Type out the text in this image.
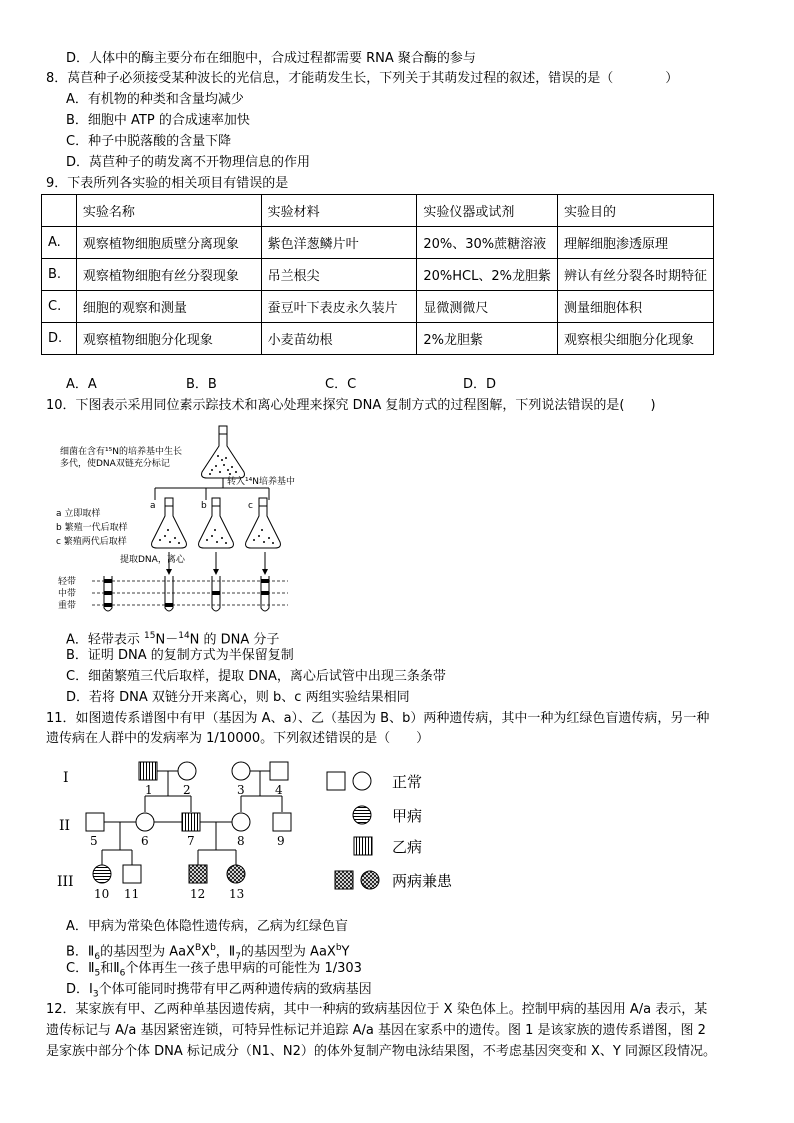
D．人体中的酶主要分布在细胞中，合成过程都需要 RNA 聚合酶的参与
8．莴苣种子必须接受某种波长的光信息，才能萌发生长，下列关于其萌发过程的叙述，错误的是（　　　　）
A．有机物的种类和含量均减少
B．细胞中 ATP 的合成速率加快
C．种子中脱落酸的含量下降
D．莴苣种子的萌发离不开物理信息的作用
9．下表所列各实验的相关项目有错误的是
	实验名称	实验材料	实验仪器或试剂	实验目的
A.	观察植物细胞质壁分离现象	紫色洋葱鳞片叶	20%、30%蔗糖溶液	理解细胞渗透原理
B.	观察植物细胞有丝分裂现象	吊兰根尖	20%HCL、2%龙胆紫	辨认有丝分裂各时期特征
C.	细胞的观察和测量	蚕豆叶下表皮永久装片	显微测微尺	测量细胞体积
D.	观察植物细胞分化现象	小麦苗幼根	2%龙胆紫	观察根尖细胞分化现象
A．A	B．B	C．C	D．D
10．下图表示采用同位素示踪技术和离心处理来探究 DNA 复制方式的过程图解，下列说法错误的是(　　)
细菌在含有¹⁵N的培养基中生长
多代，使DNA双链充分标记
转入¹⁴N培养基中
a	b	c
a 立即取样
b 繁殖一代后取样
c 繁殖两代后取样
提取DNA，离心
轻带
中带
重带
A．轻带表示 $^{15}$N－$^{14}$N 的 DNA 分子
B．证明 DNA 的复制方式为半保留复制
C．细菌繁殖三代后取样，提取 DNA，离心后试管中出现三条条带
D．若将 DNA 双链分开来离心，则 b、c 两组实验结果相同
11．如图遗传系谱图中有甲（基因为 A、a）、乙（基因为 B、b）两种遗传病，其中一种为红绿色盲遗传病，另一种
遗传病在人群中的发病率为 1/10000。下列叙述错误的是（　　）
I
II
III
1	2	3	4
5	6	7	8	9
10 11	12 13
正常
甲病
乙病
两病兼患
A．甲病为常染色体隐性遗传病，乙病为红绿色盲
B．$Ⅱ_6$的基因型为 $AaX^BX^b$，$Ⅱ_7$的基因型为 AaX$^b$Y
C．$Ⅱ_5$和$Ⅱ_6$个体再生一孩子患甲病的可能性为 1/303
D．$Ⅰ_3$个体可能同时携带有甲乙两种遗传病的致病基因
12．某家族有甲、乙两种单基因遗传病，其中一种病的致病基因位于 X 染色体上。控制甲病的基因用 A/a 表示，某
遗传标记与 A/a 基因紧密连锁，可特异性标记并追踪 A/a 基因在家系中的遗传。图 1 是该家族的遗传系谱图，图 2
是家族中部分个体 DNA 标记成分（N1、N2）的体外复制产物电泳结果图，不考虑基因突变和 X、Y 同源区段情况。
